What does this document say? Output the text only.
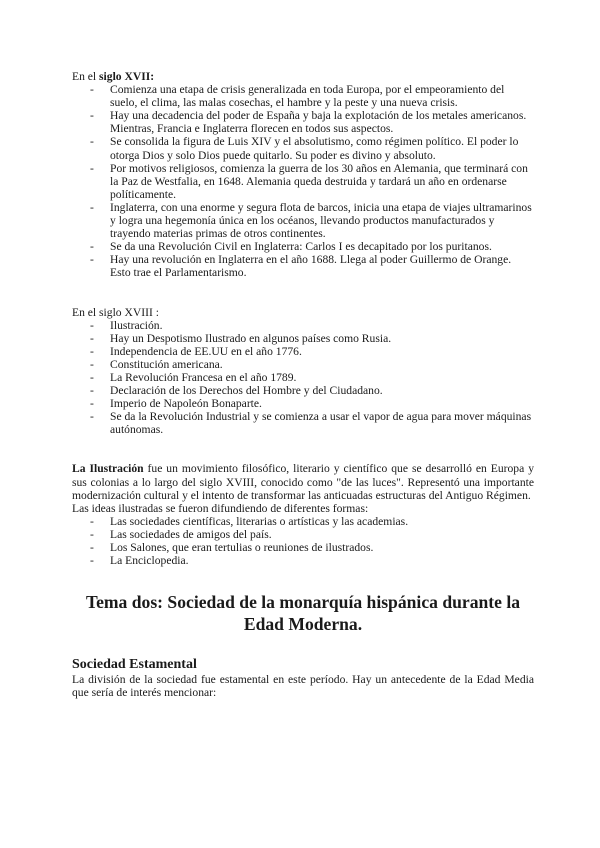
En el siglo XVII:

- Comienza una etapa de crisis generalizada en toda Europa, por el empeoramiento del suelo, el clima, las malas cosechas, el hambre y la peste y una nueva crisis.
- Hay una decadencia del poder de España y baja la explotación de los metales americanos. Mientras, Francia e Inglaterra florecen en todos sus aspectos.
- Se consolida la figura de Luis XIV y el absolutismo, como régimen político. El poder lo otorga Dios y solo Dios puede quitarlo. Su poder es divino y absoluto.
- Por motivos religiosos, comienza la guerra de los 30 años en Alemania, que terminará con la Paz de Westfalia, en 1648. Alemania queda destruida y tardará un año en ordenarse políticamente.
- Inglaterra, con una enorme y segura flota de barcos, inicia una etapa de viajes ultramarinos y logra una hegemonía única en los océanos, llevando productos manufacturados y trayendo materias primas de otros continentes.
- Se da una Revolución Civil en Inglaterra: Carlos I es decapitado por los puritanos.
- Hay una revolución en Inglaterra en el año 1688. Llega al poder Guillermo de Orange. Esto trae el Parlamentarismo.

En el siglo XVIII :

- Ilustración.
- Hay un Despotismo Ilustrado en algunos países como Rusia.
- Independencia de EE.UU en el año 1776.
- Constitución americana.
- La Revolución Francesa en el año 1789.
- Declaración de los Derechos del Hombre y del Ciudadano.
- Imperio de Napoleón Bonaparte.
- Se da la Revolución Industrial y se comienza a usar el vapor de agua para mover máquinas autónomas.

La Ilustración fue un movimiento filosófico, literario y científico que se desarrolló en Europa y sus colonias a lo largo del siglo XVIII, conocido como "de las luces". Representó una importante modernización cultural y el intento de transformar las anticuadas estructuras del Antiguo Régimen.

Las ideas ilustradas se fueron difundiendo de diferentes formas:

- Las sociedades científicas, literarias o artísticas y las academias.
- Las sociedades de amigos del país.
- Los Salones, que eran tertulias o reuniones de ilustrados.
- La Enciclopedia.
Tema dos: Sociedad de la monarquía hispánica durante la Edad Moderna.
Sociedad Estamental

La división de la sociedad fue estamental en este período. Hay un antecedente de la Edad Media que sería de interés mencionar:
